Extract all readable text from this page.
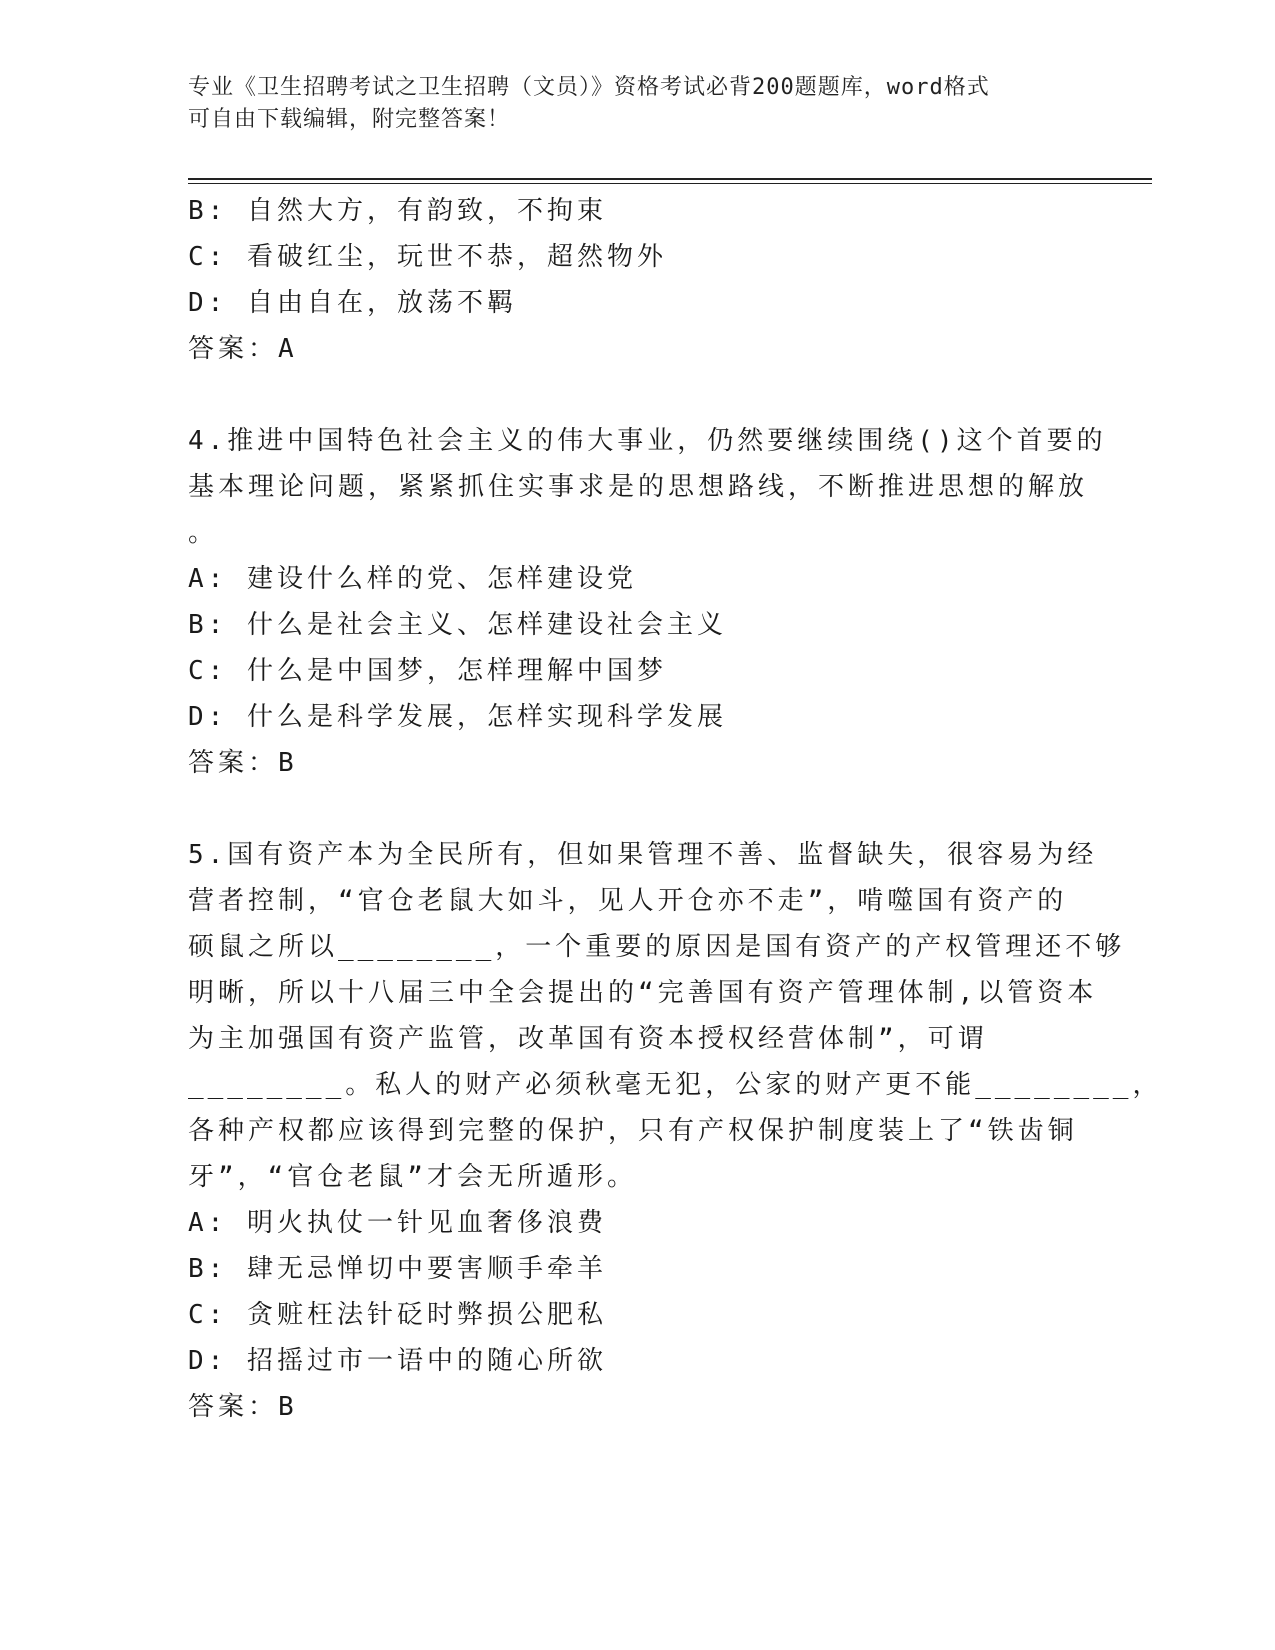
专业《卫生招聘考试之卫生招聘（文员）》资格考试必背200题题库，word格式
可自由下载编辑，附完整答案！
B: 自然大方，有韵致，不拘束
C: 看破红尘，玩世不恭，超然物外
D: 自由自在，放荡不羁
答案：A
4.推进中国特色社会主义的伟大事业，仍然要继续围绕()这个首要的
基本理论问题，紧紧抓住实事求是的思想路线，不断推进思想的解放
。
A: 建设什么样的党、怎样建设党
B: 什么是社会主义、怎样建设社会主义
C: 什么是中国梦，怎样理解中国梦
D: 什么是科学发展，怎样实现科学发展
答案：B
5.国有资产本为全民所有，但如果管理不善、监督缺失，很容易为经
营者控制，“官仓老鼠大如斗，见人开仓亦不走”，啃噬国有资产的
硕鼠之所以________，一个重要的原因是国有资产的产权管理还不够
明晰，所以十八届三中全会提出的“完善国有资产管理体制,以管资本
为主加强国有资产监管，改革国有资本授权经营体制”，可谓
________。私人的财产必须秋毫无犯，公家的财产更不能________，
各种产权都应该得到完整的保护，只有产权保护制度装上了“铁齿铜
牙”，“官仓老鼠”才会无所遁形。
A: 明火执仗一针见血奢侈浪费
B: 肆无忌惮切中要害顺手牵羊
C: 贪赃枉法针砭时弊损公肥私
D: 招摇过市一语中的随心所欲
答案：B
